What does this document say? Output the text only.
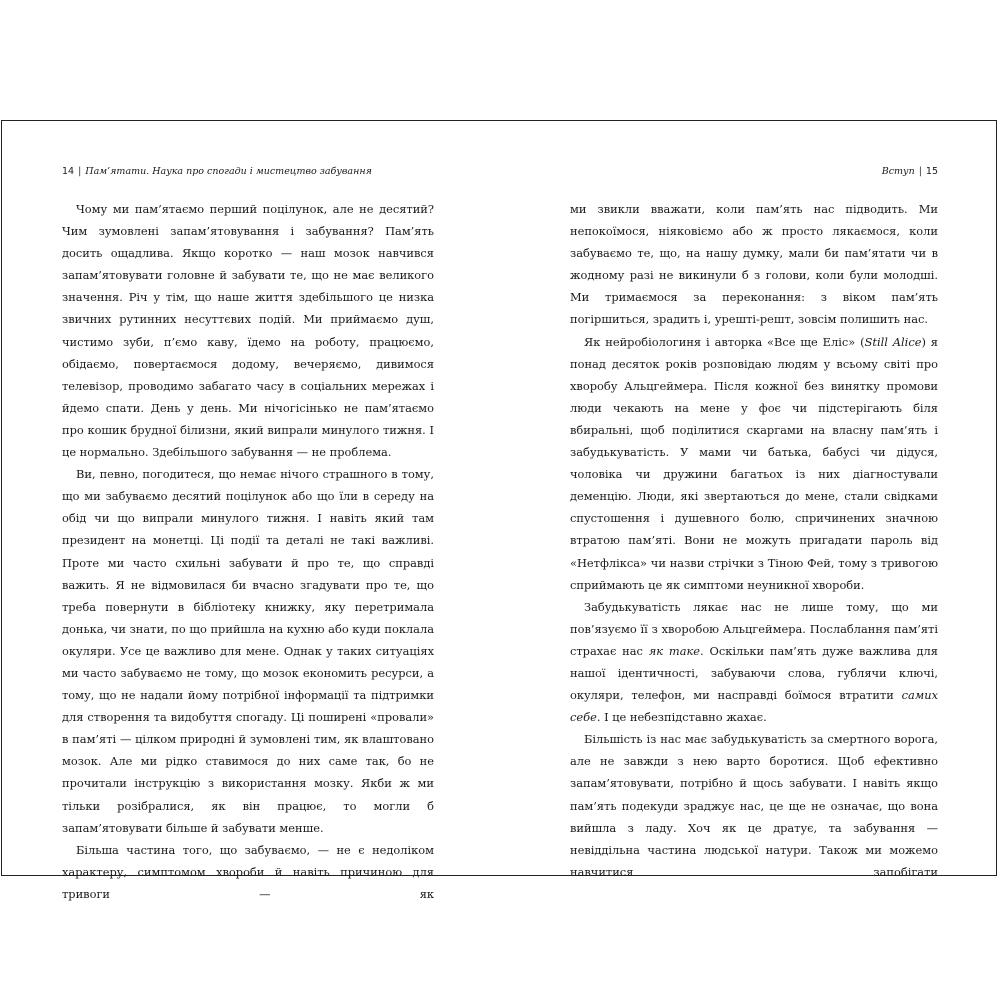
14 | Пам’ятати. Наука про спогади і мистецтво забування

Чому ми пам’ятаємо перший поцілунок, але не десятий? Чим зумовлені запам’ятовування і забування? Пам’ять досить ощадлива. Якщо коротко — наш мозок навчився запам’ятовувати головне й забувати те, що не має великого значення. Річ у тім, що наше життя здебільшого це низка звичних рутинних несуттєвих подій. Ми приймаємо душ, чистимо зуби, п’ємо каву, їдемо на роботу, працюємо, обідаємо, повертаємося додому, вечеряємо, дивимося телевізор, проводимо забагато часу в соціальних мережах і йдемо спати. День у день. Ми нічогісінько не пам’ятаємо про кошик брудної білизни, який випрали минулого тижня. І це нормально. Здебільшого забування — не проблема.

Ви, певно, погодитеся, що немає нічого страшного в тому, що ми забуваємо десятий поцілунок або що їли в середу на обід чи що випрали минулого тижня. І навіть який там президент на монетці. Ці події та деталі не такі важливі. Проте ми часто схильні забувати й про те, що справді важить. Я не відмовилася би вчасно згадувати про те, що треба повернути в бібліотеку книжку, яку перетримала донька, чи знати, по що прийшла на кухню або куди поклала окуляри. Усе це важливо для мене. Однак у таких ситуаціях ми часто забуваємо не тому, що мозок економить ресурси, а тому, що не надали йому потрібної інформації та підтримки для створення та видобуття спогаду. Ці поширені «провали» в пам’яті — цілком природні й зумовлені тим, як влаштовано мозок. Але ми рідко ставимося до них саме так, бо не прочитали інструкцію з використання мозку. Якби ж ми тільки розібралися, як він працює, то могли б запам’ятовувати більше й забувати менше.

Більша частина того, що забуваємо, — не є недоліком характеру, симптомом хвороби й навіть причиною для тривоги — як

Вступ | 15

ми звикли вважати, коли пам’ять нас підводить. Ми непокоїмося, ніяковіємо або ж просто лякаємося, коли забуваємо те, що, на нашу думку, мали би пам’ятати чи в жодному разі не викинули б з голови, коли були молодші. Ми тримаємося за переконання: з віком пам’ять погіршиться, зрадить і, урешті-решт, зовсім полишить нас.

Як нейробіологиня і авторка «Все ще Еліс» (Still Alice) я понад десяток років розповідаю людям у всьому світі про хворобу Альцгеймера. Після кожної без винятку промови люди чекають на мене у фоє чи підстерігають біля вбиральні, щоб поділитися скаргами на власну пам’ять і забудькуватість. У мами чи батька, бабусі чи дідуся, чоловіка чи дружини багатьох із них діагностували деменцію. Люди, які звертаються до мене, стали свідками спустошення і душевного болю, спричинених значною втратою пам’яті. Вони не можуть пригадати пароль від «Нетфлікса» чи назви стрічки з Тіною Фей, тому з тривогою сприймають це як симптоми неуникної хвороби.

Забудькуватість лякає нас не лише тому, що ми пов’язуємо її з хворобою Альцгеймера. Послаблання пам’яті страхає нас як таке. Оскільки пам’ять дуже важлива для нашої ідентичності, забуваючи слова, гублячи ключі, окуляри, телефон, ми насправді боїмося втратити самих себе. І це небезпідставно жахає.

Більшість із нас має забудькуватість за смертного ворога, але не завжди з нею варто боротися. Щоб ефективно запам’ятовувати, потрібно й щось забувати. І навіть якщо пам’ять подекуди зраджує нас, це ще не означає, що вона вийшла з ладу. Хоч як це дратує, та забування — невіддільна частина людської натури. Також ми можемо навчитися запобігати
